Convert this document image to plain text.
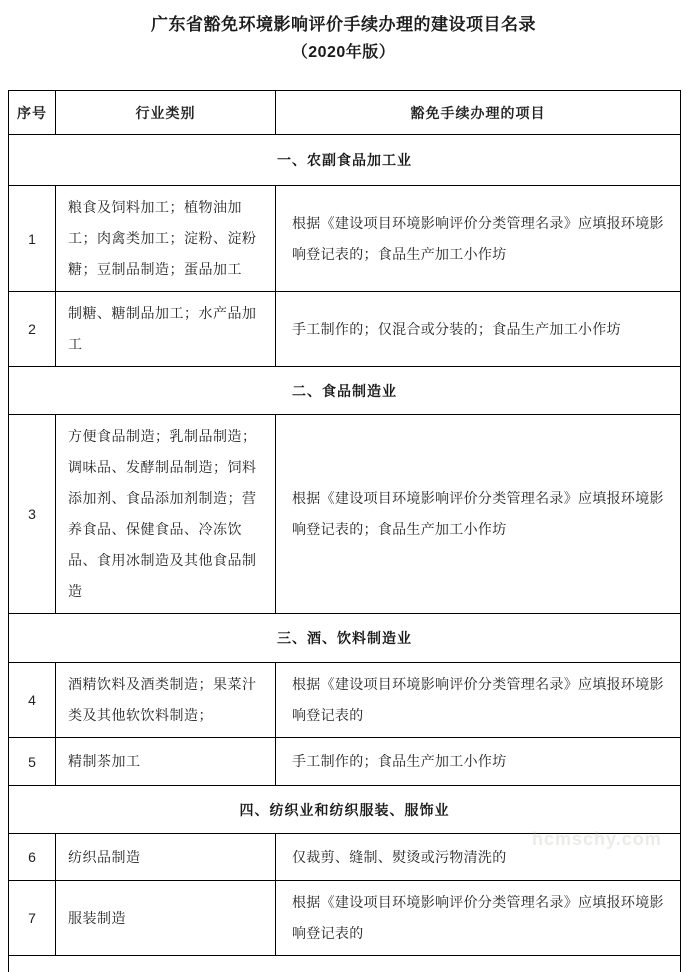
广东省豁免环境影响评价手续办理的建设项目名录
（2020年版）
序号	行业类别	豁免手续办理的项目
一、农副食品加工业		
1	粮食及饲料加工；植物油加工；肉禽类加工；淀粉、淀粉糖；豆制品制造；蛋品加工	根据《建设项目环境影响评价分类管理名录》应填报环境影响登记表的；食品生产加工小作坊
2	制糖、糖制品加工；水产品加工	手工制作的；仅混合或分装的；食品生产加工小作坊
二、食品制造业		
3	方便食品制造；乳制品制造；调味品、发酵制品制造；饲料添加剂、食品添加剂制造；营养食品、保健食品、冷冻饮品、食用冰制造及其他食品制造	根据《建设项目环境影响评价分类管理名录》应填报环境影响登记表的；食品生产加工小作坊
三、酒、饮料制造业		
4	酒精饮料及酒类制造；果菜汁类及其他软饮料制造；	根据《建设项目环境影响评价分类管理名录》应填报环境影响登记表的
5	精制茶加工	手工制作的；食品生产加工小作坊
四、纺织业和纺织服装、服饰业		
6	纺织品制造	仅裁剪、缝制、熨烫或污物清洗的
7	服装制造	根据《建设项目环境影响评价分类管理名录》应填报环境影响登记表的

hcmschy.com
